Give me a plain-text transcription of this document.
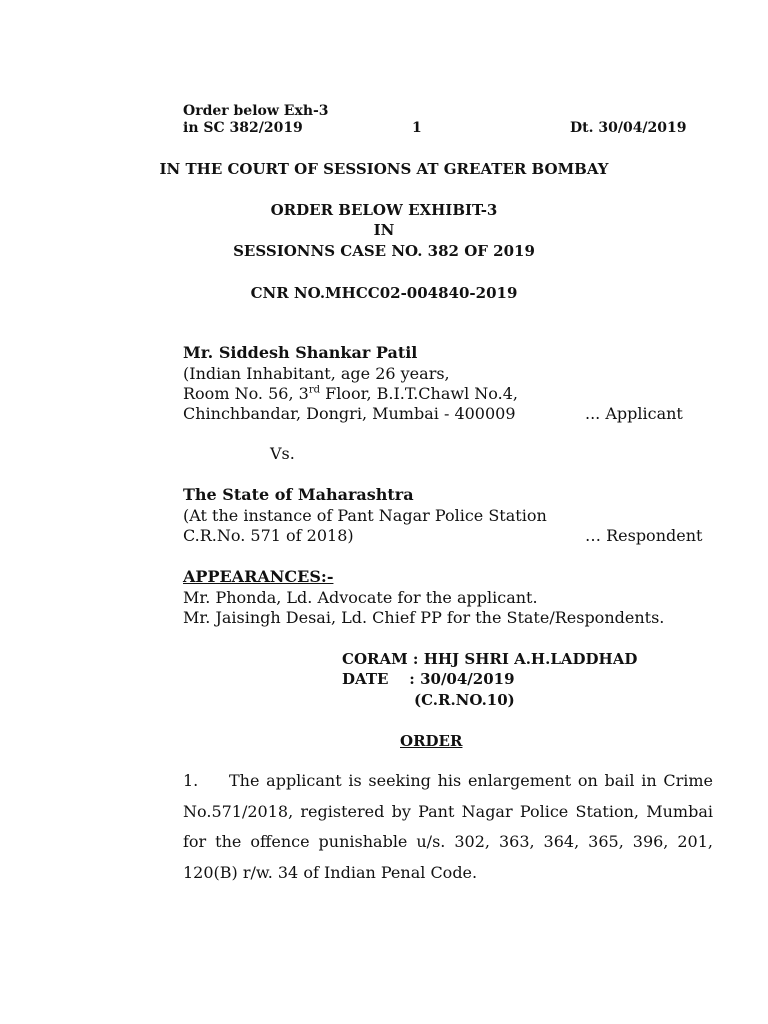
Order below Exh-3
in SC 382/2019	1	Dt. 30/04/2019
IN THE COURT OF SESSIONS AT GREATER BOMBAY
ORDER BELOW EXHIBIT-3
IN
SESSIONNS CASE NO. 382 OF 2019
CNR NO.MHCC02-004840-2019
Mr. Siddesh Shankar Patil
(Indian Inhabitant, age 26 years,
Room No. 56, 3rd Floor, B.I.T.Chawl No.4,
Chinchbandar, Dongri, Mumbai - 400009	... Applicant
Vs.
The State of Maharashtra
(At the instance of Pant Nagar Police Station
C.R.No. 571 of 2018)	… Respondent
APPEARANCES:-
Mr. Phonda, Ld. Advocate for the applicant.
Mr. Jaisingh Desai, Ld. Chief PP for the State/Respondents.
CORAM : HHJ SHRI A.H.LADDHAD
DATE    : 30/04/2019
(C.R.NO.10)
ORDER
1. The applicant is seeking his enlargement on bail in Crime No.571/2018, registered by Pant Nagar Police Station, Mumbai for the offence punishable u/s. 302, 363, 364, 365, 396, 201, 120(B) r/w. 34 of Indian Penal Code.
